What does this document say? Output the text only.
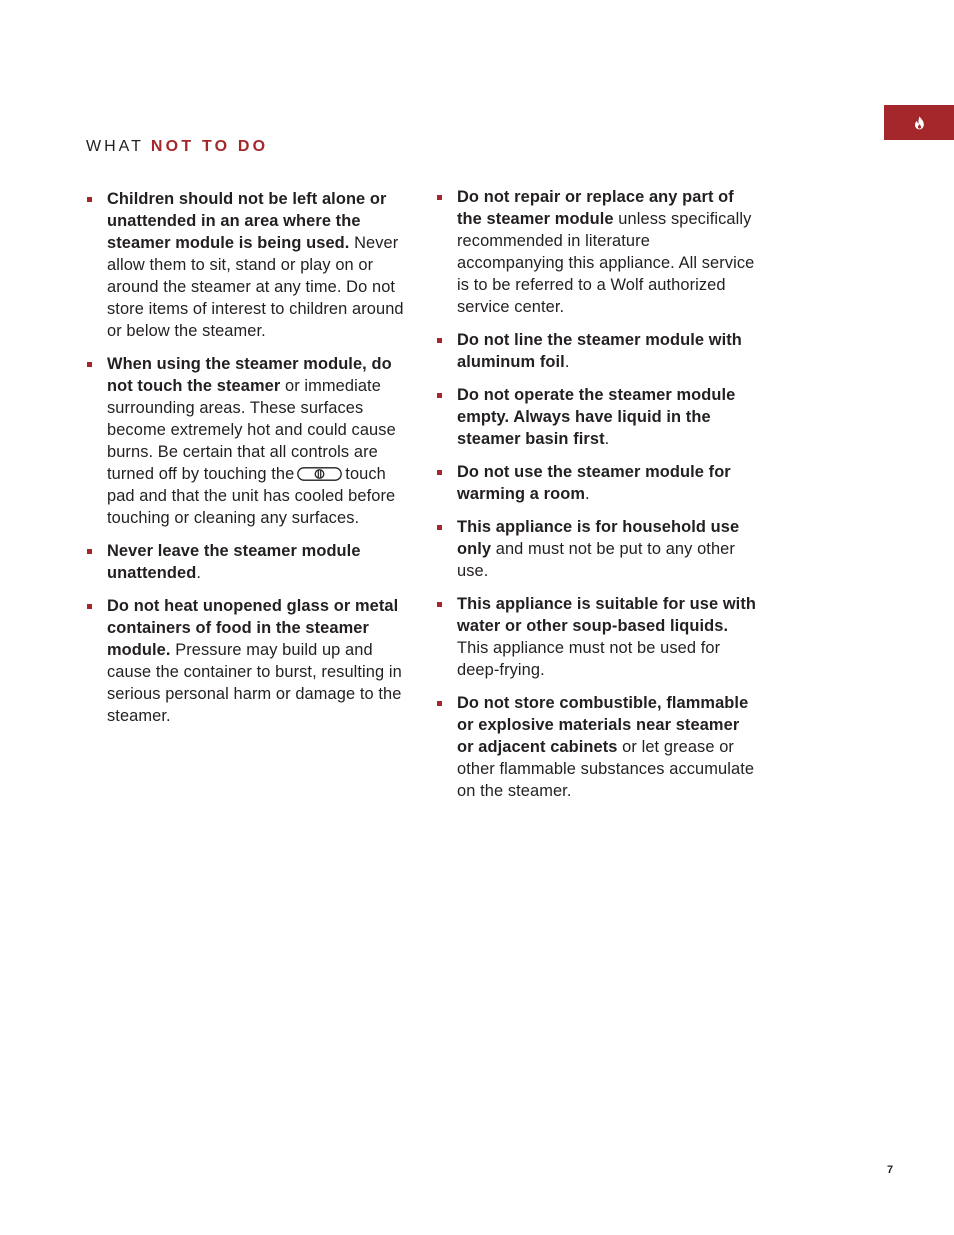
WHAT NOT TO DO
Children should not be left alone or unattended in an area where the steamer module is being used. Never allow them to sit, stand or play on or around the steamer at any time. Do not store items of interest to children around or below the steamer.
When using the steamer module, do not touch the steamer or immediate surrounding areas. These surfaces become extremely hot and could cause burns. Be certain that all controls are turned off by touching the	touch pad and that the unit has cooled before touching or cleaning any surfaces.
Never leave the steamer module unattended.
Do not heat unopened glass or metal containers of food in the steamer module. Pressure may build up and cause the container to burst, resulting in serious personal harm or damage to the steamer.
Do not repair or replace any part of the steamer module unless specifically recommended in literature accompanying this appliance. All service is to be referred to a Wolf authorized service center.
Do not line the steamer module with aluminum foil.
Do not operate the steamer module empty. Always have liquid in the steamer basin first.
Do not use the steamer module for warming a room.
This appliance is for household use only and must not be put to any other use.
This appliance is suitable for use with water or other soup-based liquids. This appliance must not be used for deep-frying.
Do not store combustible, flammable or explosive materials near steamer or adjacent cabinets or let grease or other flammable substances accumulate on the steamer.
7
